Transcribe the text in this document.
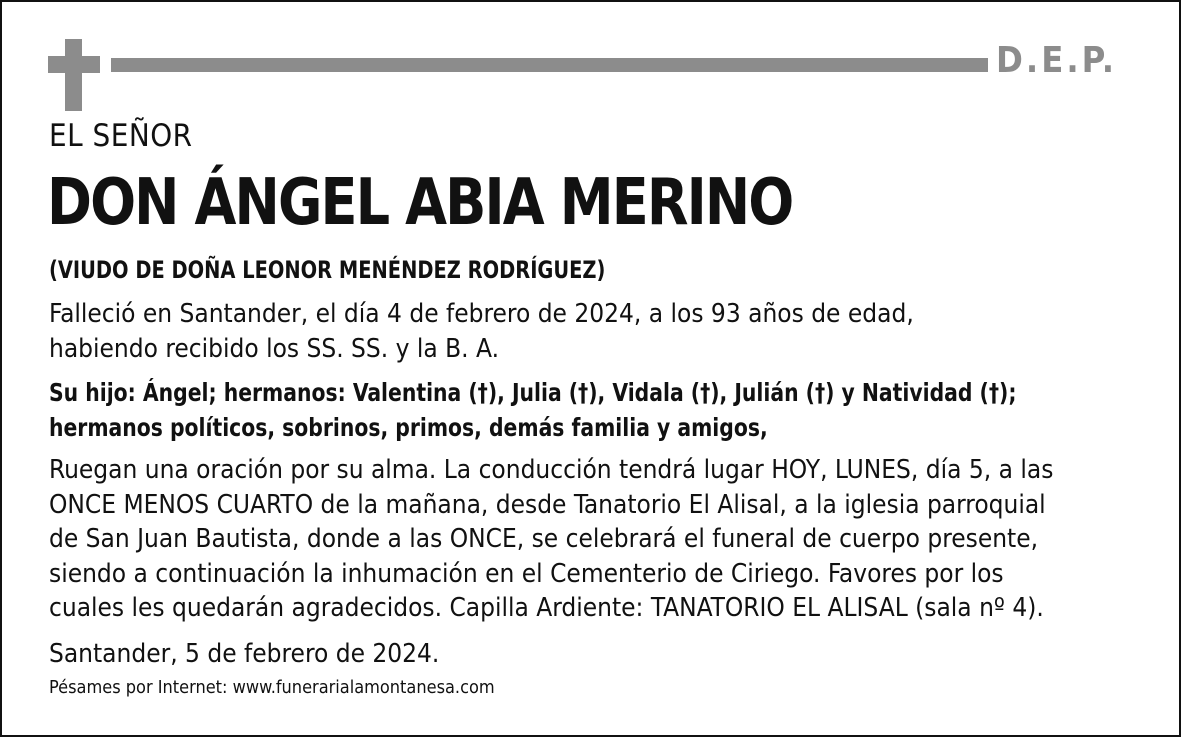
D.E.P.
EL SEÑOR
DON ÁNGEL ABIA MERINO
(VIUDO DE DOÑA LEONOR MENÉNDEZ RODRÍGUEZ)
Falleció en Santander, el día 4 de febrero de 2024, a los 93 años de edad,
habiendo recibido los SS. SS. y la B. A.
Su hijo: Ángel; hermanos: Valentina (†), Julia (†), Vidala (†), Julián (†) y Natividad (†);
hermanos políticos, sobrinos, primos, demás familia y amigos,
Ruegan una oración por su alma. La conducción tendrá lugar HOY, LUNES, día 5, a las
ONCE MENOS CUARTO de la mañana, desde Tanatorio El Alisal, a la iglesia parroquial
de San Juan Bautista, donde a las ONCE, se celebrará el funeral de cuerpo presente,
siendo a continuación la inhumación en el Cementerio de Ciriego. Favores por los
cuales les quedarán agradecidos. Capilla Ardiente: TANATORIO EL ALISAL (sala nº 4).
Santander, 5 de febrero de 2024.
Pésames por Internet: www.funerarialamontanesa.com
